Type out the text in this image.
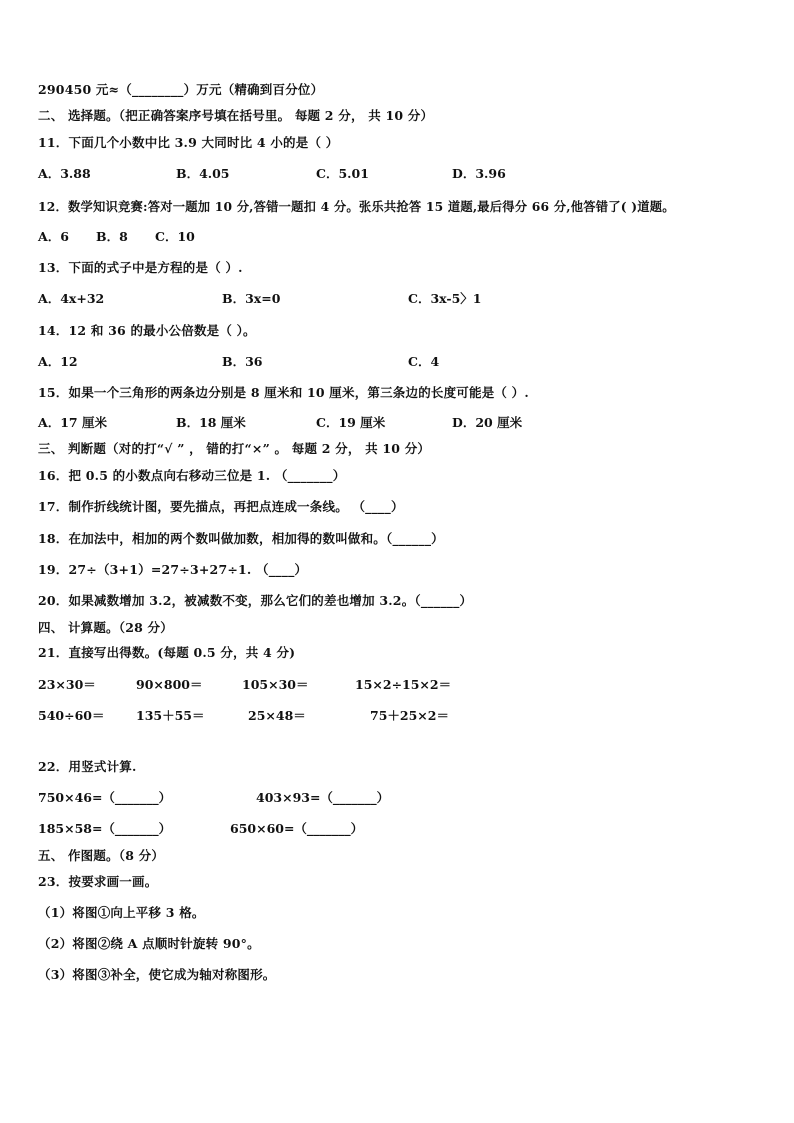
290450 元≈（________）万元（精确到百分位）
二、 选择题。（把正确答案序号填在括号里。 每题 2 分， 共 10 分）
11．下面几个小数中比 3.9 大同时比 4 小的是（ ）
A．3.88	B．4.05	C．5.01	D．3.96
12．数学知识竞赛:答对一题加 10 分,答错一题扣 4 分。张乐共抢答 15 道题,最后得分 66 分,他答错了( )道题。
A．6 B．8 C．10
13．下面的式子中是方程的是（ ）.
A．4x+32	B．3x=0	C．3x-5〉1
14．12 和 36 的最小公倍数是（ ）。
A．12	B．36	C．4
15．如果一个三角形的两条边分别是 8 厘米和 10 厘米，第三条边的长度可能是（ ）.
A．17 厘米	B．18 厘米	C．19 厘米	D．20 厘米
三、 判断题（对的打“√ ” ， 错的打“×” 。 每题 2 分， 共 10 分）
16．把 0.5 的小数点向右移动三位是 1. （_______）
17．制作折线统计图，要先描点，再把点连成一条线。 （____）
18．在加法中，相加的两个数叫做加数，相加得的数叫做和。（______）
19．27÷（3+1）=27÷3+27÷1. （____）
20．如果减数增加 3.2，被减数不变，那么它们的差也增加 3.2。（______）
四、 计算题。（28 分）
21．直接写出得数。(每题 0.5 分，共 4 分)
23×30＝	90×800＝	105×30＝	15×2÷15×2＝
540÷60＝	135＋55＝	25×48＝	75＋25×2＝
22．用竖式计算.
750×46=（_______）	403×93=（_______）
185×58=（_______）	650×60=（_______）
五、 作图题。（8 分）
23．按要求画一画。
（1）将图①向上平移 3 格。
（2）将图②绕 A 点顺时针旋转 90°。
（3）将图③补全，使它成为轴对称图形。
